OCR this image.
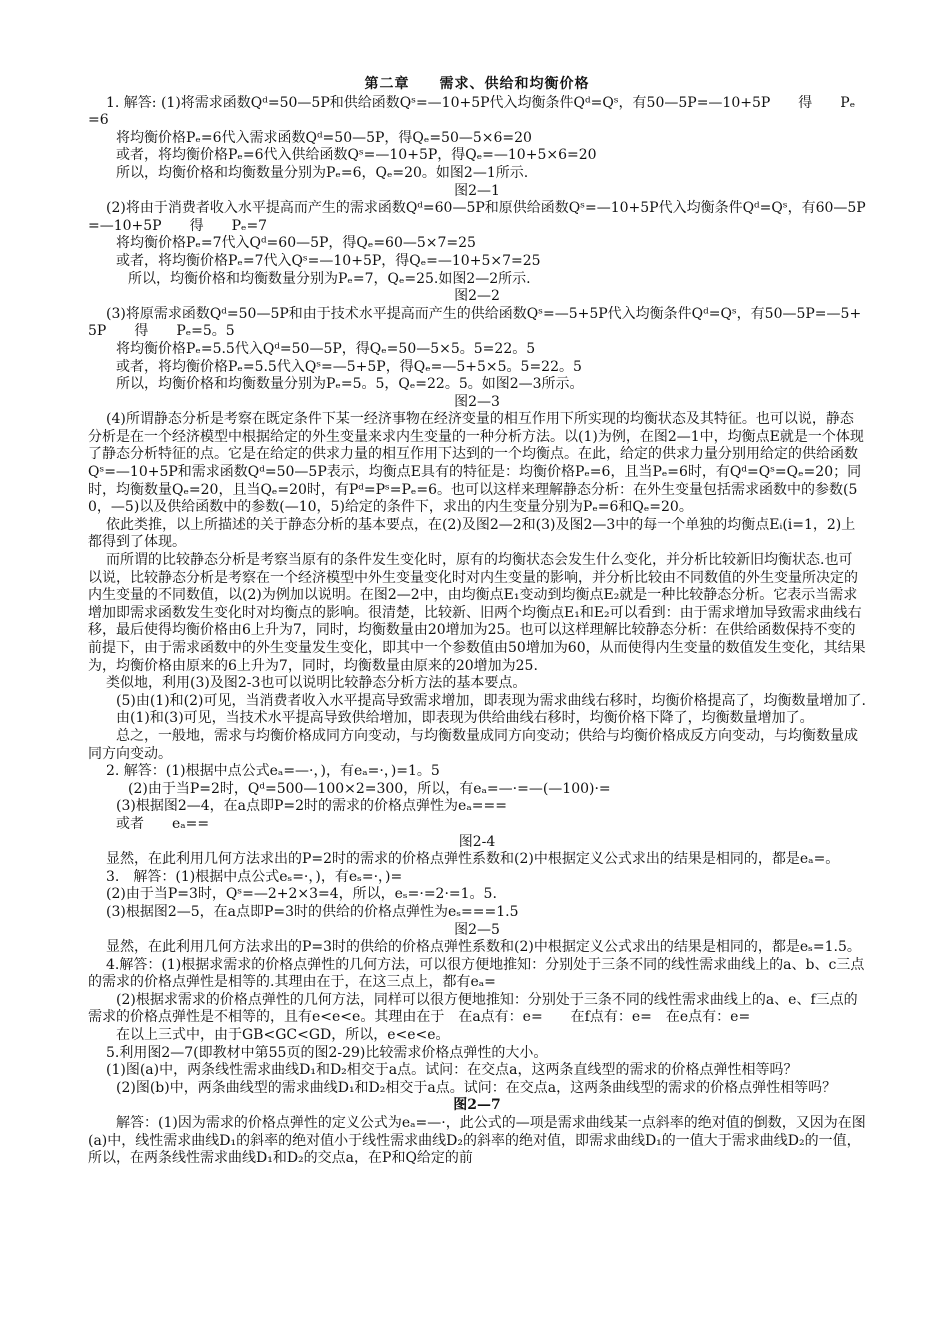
第二章　　需求、供给和均衡价格

1. 解答: (1)将需求函数Qᵈ=50—5P和供给函数Qˢ=—10+5P代入均衡条件Qᵈ=Qˢ，有50—5P=—10+5P　　得　　Pₑ=6

将均衡价格Pₑ=6代入需求函数Qᵈ=50—5P，得Qₑ=50—5×6=20

或者，将均衡价格Pₑ=6代入供给函数Qˢ=—10+5P，得Qₑ=—10+5×6=20

所以，均衡价格和均衡数量分别为Pₑ=6，Qₑ=20。如图2—1所示.

图2—1

(2)将由于消费者收入水平提高而产生的需求函数Qᵈ=60—5P和原供给函数Qˢ=—10+5P代入均衡条件Qᵈ=Qˢ，有60—5P=—10+5P　　得　　Pₑ=7

将均衡价格Pₑ=7代入Qᵈ=60—5P，得Qₑ=60—5×7=25

或者，将均衡价格Pₑ=7代入Qˢ=—10+5P，得Qₑ=—10+5×7=25

所以，均衡价格和均衡数量分别为Pₑ=7，Qₑ=25.如图2—2所示.

图2—2

(3)将原需求函数Qᵈ=50—5P和由于技术水平提高而产生的供给函数Qˢ=—5+5P代入均衡条件Qᵈ=Qˢ，有50—5P=—5+5P　　得　　Pₑ=5。5

将均衡价格Pₑ=5.5代入Qᵈ=50—5P，得Qₑ=50—5×5。5=22。5

或者，将均衡价格Pₑ=5.5代入Qˢ=—5+5P，得Qₑ=—5+5×5。5=22。5

所以，均衡价格和均衡数量分别为Pₑ=5。5，Qₑ=22。5。如图2—3所示。

图2—3

(4)所谓静态分析是考察在既定条件下某一经济事物在经济变量的相互作用下所实现的均衡状态及其特征。也可以说，静态分析是在一个经济模型中根据给定的外生变量来求内生变量的一种分析方法。以(1)为例，在图2—1中，均衡点E就是一个体现了静态分析特征的点。它是在给定的供求力量的相互作用下达到的一个均衡点。在此，给定的供求力量分别用给定的供给函数Qˢ=—10+5P和需求函数Qᵈ=50—5P表示，均衡点E具有的特征是：均衡价格Pₑ=6，且当Pₑ=6时，有Qᵈ=Qˢ=Qₑ=20；同时，均衡数量Qₑ=20，且当Qₑ=20时，有Pᵈ=Pˢ=Pₑ=6。也可以这样来理解静态分析：在外生变量包括需求函数中的参数(50，—5)以及供给函数中的参数(—10，5)给定的条件下，求出的内生变量分别为Pₑ=6和Qₑ=20。

依此类推，以上所描述的关于静态分析的基本要点，在(2)及图2—2和(3)及图2—3中的每一个单独的均衡点Eᵢ(i=1，2)上都得到了体现。

而所谓的比较静态分析是考察当原有的条件发生变化时，原有的均衡状态会发生什么变化，并分析比较新旧均衡状态.也可以说，比较静态分析是考察在一个经济模型中外生变量变化时对内生变量的影响，并分析比较由不同数值的外生变量所决定的内生变量的不同数值，以(2)为例加以说明。在图2—2中，由均衡点E₁变动到均衡点E₂就是一种比较静态分析。它表示当需求增加即需求函数发生变化时对均衡点的影响。很清楚，比较新、旧两个均衡点E₁和E₂可以看到：由于需求增加导致需求曲线右移，最后使得均衡价格由6上升为7，同时，均衡数量由20增加为25。也可以这样理解比较静态分析：在供给函数保持不变的前提下，由于需求函数中的外生变量发生变化，即其中一个参数值由50增加为60，从而使得内生变量的数值发生变化，其结果为，均衡价格由原来的6上升为7，同时，均衡数量由原来的20增加为25.

类似地，利用(3)及图2-3也可以说明比较静态分析方法的基本要点。

(5)由(1)和(2)可见，当消费者收入水平提高导致需求增加，即表现为需求曲线右移时，均衡价格提高了，均衡数量增加了.

由(1)和(3)可见，当技术水平提高导致供给增加，即表现为供给曲线右移时，均衡价格下降了，均衡数量增加了。

总之，一般地，需求与均衡价格成同方向变动，与均衡数量成同方向变动；供给与均衡价格成反方向变动，与均衡数量成同方向变动。

2. 解答：(1)根据中点公式eₐ=—·，)，有eₐ=·，)=1。5

(2)由于当P=2时，Qᵈ=500—100×2=300，所以，有eₐ=—·=—(—100)·=

(3)根据图2—4，在a点即P=2时的需求的价格点弹性为eₐ===

或者　　eₐ==

图2-4

显然，在此利用几何方法求出的P=2时的需求的价格点弹性系数和(2)中根据定义公式求出的结果是相同的，都是eₐ=。

3.　解答：(1)根据中点公式eₛ=·，)，有eₛ=·，)=

(2)由于当P=3时，Qˢ=—2+2×3=4，所以，eₛ=·=2·=1。5.

(3)根据图2—5，在a点即P=3时的供给的价格点弹性为eₛ===1.5

图2—5

显然，在此利用几何方法求出的P=3时的供给的价格点弹性系数和(2)中根据定义公式求出的结果是相同的，都是eₛ=1.5。

4.解答：(1)根据求需求的价格点弹性的几何方法，可以很方便地推知：分别处于三条不同的线性需求曲线上的a、b、c三点的需求的价格点弹性是相等的.其理由在于，在这三点上，都有eₐ=

(2)根据求需求的价格点弹性的几何方法，同样可以很方便地推知：分别处于三条不同的线性需求曲线上的a、e、f三点的需求的价格点弹性是不相等的，且有e<e<e。其理由在于　在a点有：e=　　在f点有：e=　在e点有：e=

在以上三式中，由于GB<GC<GD，所以，e<e<e。

5.利用图2—7(即教材中第55页的图2-29)比较需求价格点弹性的大小。

(1)图(a)中，两条线性需求曲线D₁和D₂相交于a点。试问：在交点a，这两条直线型的需求的价格点弹性相等吗？

(2)图(b)中，两条曲线型的需求曲线D₁和D₂相交于a点。试问：在交点a，这两条曲线型的需求的价格点弹性相等吗？

图2—7

解答：(1)因为需求的价格点弹性的定义公式为eₐ=—·，此公式的—项是需求曲线某一点斜率的绝对值的倒数，又因为在图(a)中，线性需求曲线D₁的斜率的绝对值小于线性需求曲线D₂的斜率的绝对值，即需求曲线D₁的一值大于需求曲线D₂的一值，所以，在两条线性需求曲线D₁和D₂的交点a，在P和Q给定的前
